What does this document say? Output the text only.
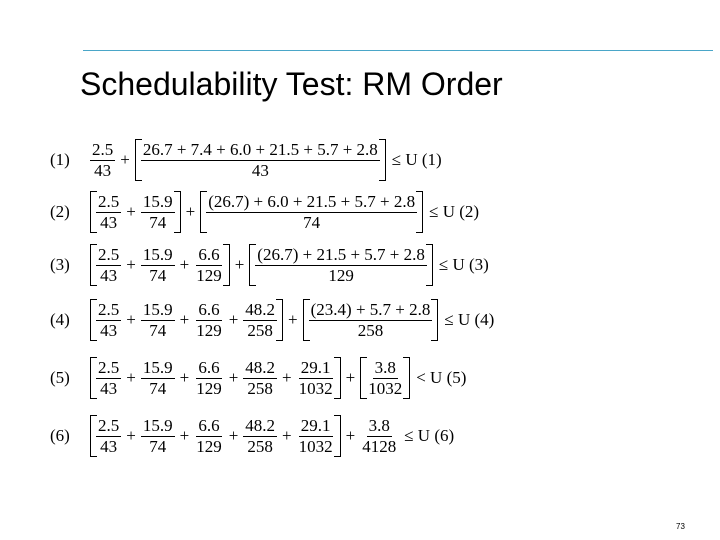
Schedulability Test: RM Order
(1)	$\frac{2.5}{43} + \frac{26.7 + 7.4 + 6.0 + 21.5 + 5.7 + 2.8}{43} \le U$ (1)
(2)	$\frac{2.5}{43} + \frac{15.9}{74} + \frac{(26.7) + 6.0 + 21.5 + 5.7 + 2.8}{74} \le U$ (2)
(3)	$\frac{2.5}{43} + \frac{15.9}{74} + \frac{6.6}{129} + \frac{(26.7) + 21.5 + 5.7 + 2.8}{129} \le U$ (3)
(4)	$\frac{2.5}{43} + \frac{15.9}{74} + \frac{6.6}{129} + \frac{48.2}{258} + \frac{(23.4) + 5.7 + 2.8}{258} \le U$ (4)
(5)	$\frac{2.5}{43} + \frac{15.9}{74} + \frac{6.6}{129} + \frac{48.2}{258} + \frac{29.1}{1032} + \frac{3.8}{1032} < U$ (5)
(6)	$\frac{2.5}{43} + \frac{15.9}{74} + \frac{6.6}{129} + \frac{48.2}{258} + \frac{29.1}{1032} + \frac{3.8}{4128} \le U$ (6)
73
